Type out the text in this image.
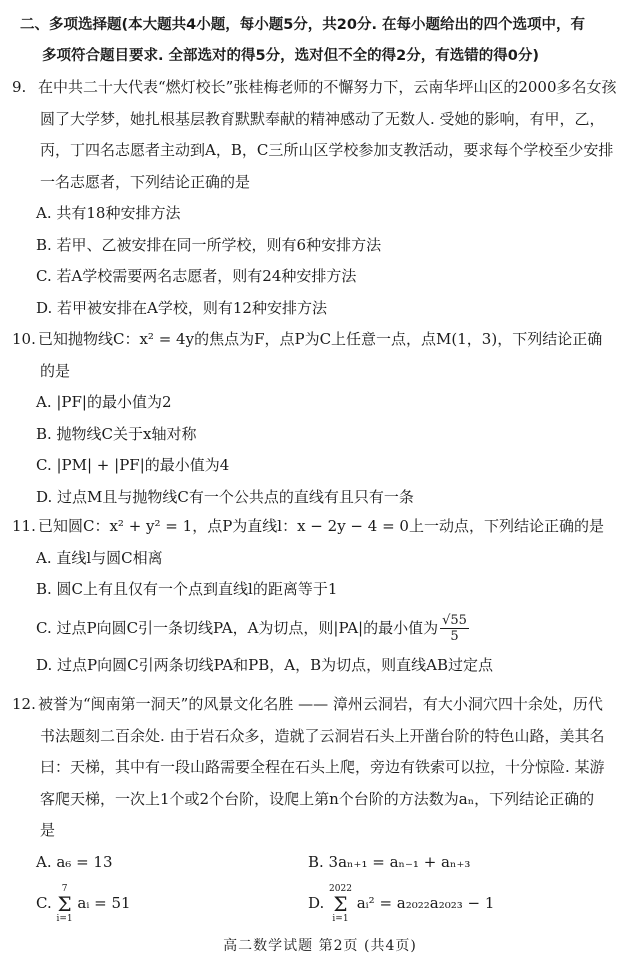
二、多项选择题(本大题共4小题，每小题5分，共20分. 在每小题给出的四个选项中，有
多项符合题目要求. 全部选对的得5分，选对但不全的得2分，有选错的得0分)
9. 在中共二十大代表“燃灯校长”张桂梅老师的不懈努力下，云南华坪山区的2000多名女孩
圆了大学梦，她扎根基层教育默默奉献的精神感动了无数人. 受她的影响，有甲，乙，
丙，丁四名志愿者主动到A，B，C三所山区学校参加支教活动，要求每个学校至少安排
一名志愿者，下列结论正确的是
A. 共有18种安排方法
B. 若甲、乙被安排在同一所学校，则有6种安排方法
C. 若A学校需要两名志愿者，则有24种安排方法
D. 若甲被安排在A学校，则有12种安排方法
10. 已知抛物线C：x² = 4y的焦点为F，点P为C上任意一点，点M(1，3)，下列结论正确
的是
A. |PF|的最小值为2
B. 抛物线C关于x轴对称
C. |PM| + |PF|的最小值为4
D. 过点M且与抛物线C有一个公共点的直线有且只有一条
11. 已知圆C：x² + y² = 1，点P为直线l：x − 2y − 4 = 0上一动点，下列结论正确的是
A. 直线l与圆C相离
B. 圆C上有且仅有一个点到直线l的距离等于1
C. 过点P向圆C引一条切线PA，A为切点，则|PA|的最小值为 $\frac{√55}{5}$
D. 过点P向圆C引两条切线PA和PB，A，B为切点，则直线AB过定点
12. 被誉为“闽南第一洞天”的风景文化名胜 —— 漳州云洞岩，有大小洞穴四十余处，历代
书法题刻二百余处. 由于岩石众多，造就了云洞岩石头上开凿台阶的特色山路，美其名
曰：天梯，其中有一段山路需要全程在石头上爬，旁边有铁索可以拉，十分惊险. 某游
客爬天梯，一次上1个或2个台阶，设爬上第n个台阶的方法数为aₙ，下列结论正确的
是
A. a₆ = 13	B. 3aₙ₊₁ = aₙ₋₁ + aₙ₊₃
C.
7
Σ
i=1
aᵢ = 51	D.
2022
Σ
i=1
aᵢ² = a₂₀₂₂a₂₀₂₃ − 1
高二数学试题 第2页 (共4页)
